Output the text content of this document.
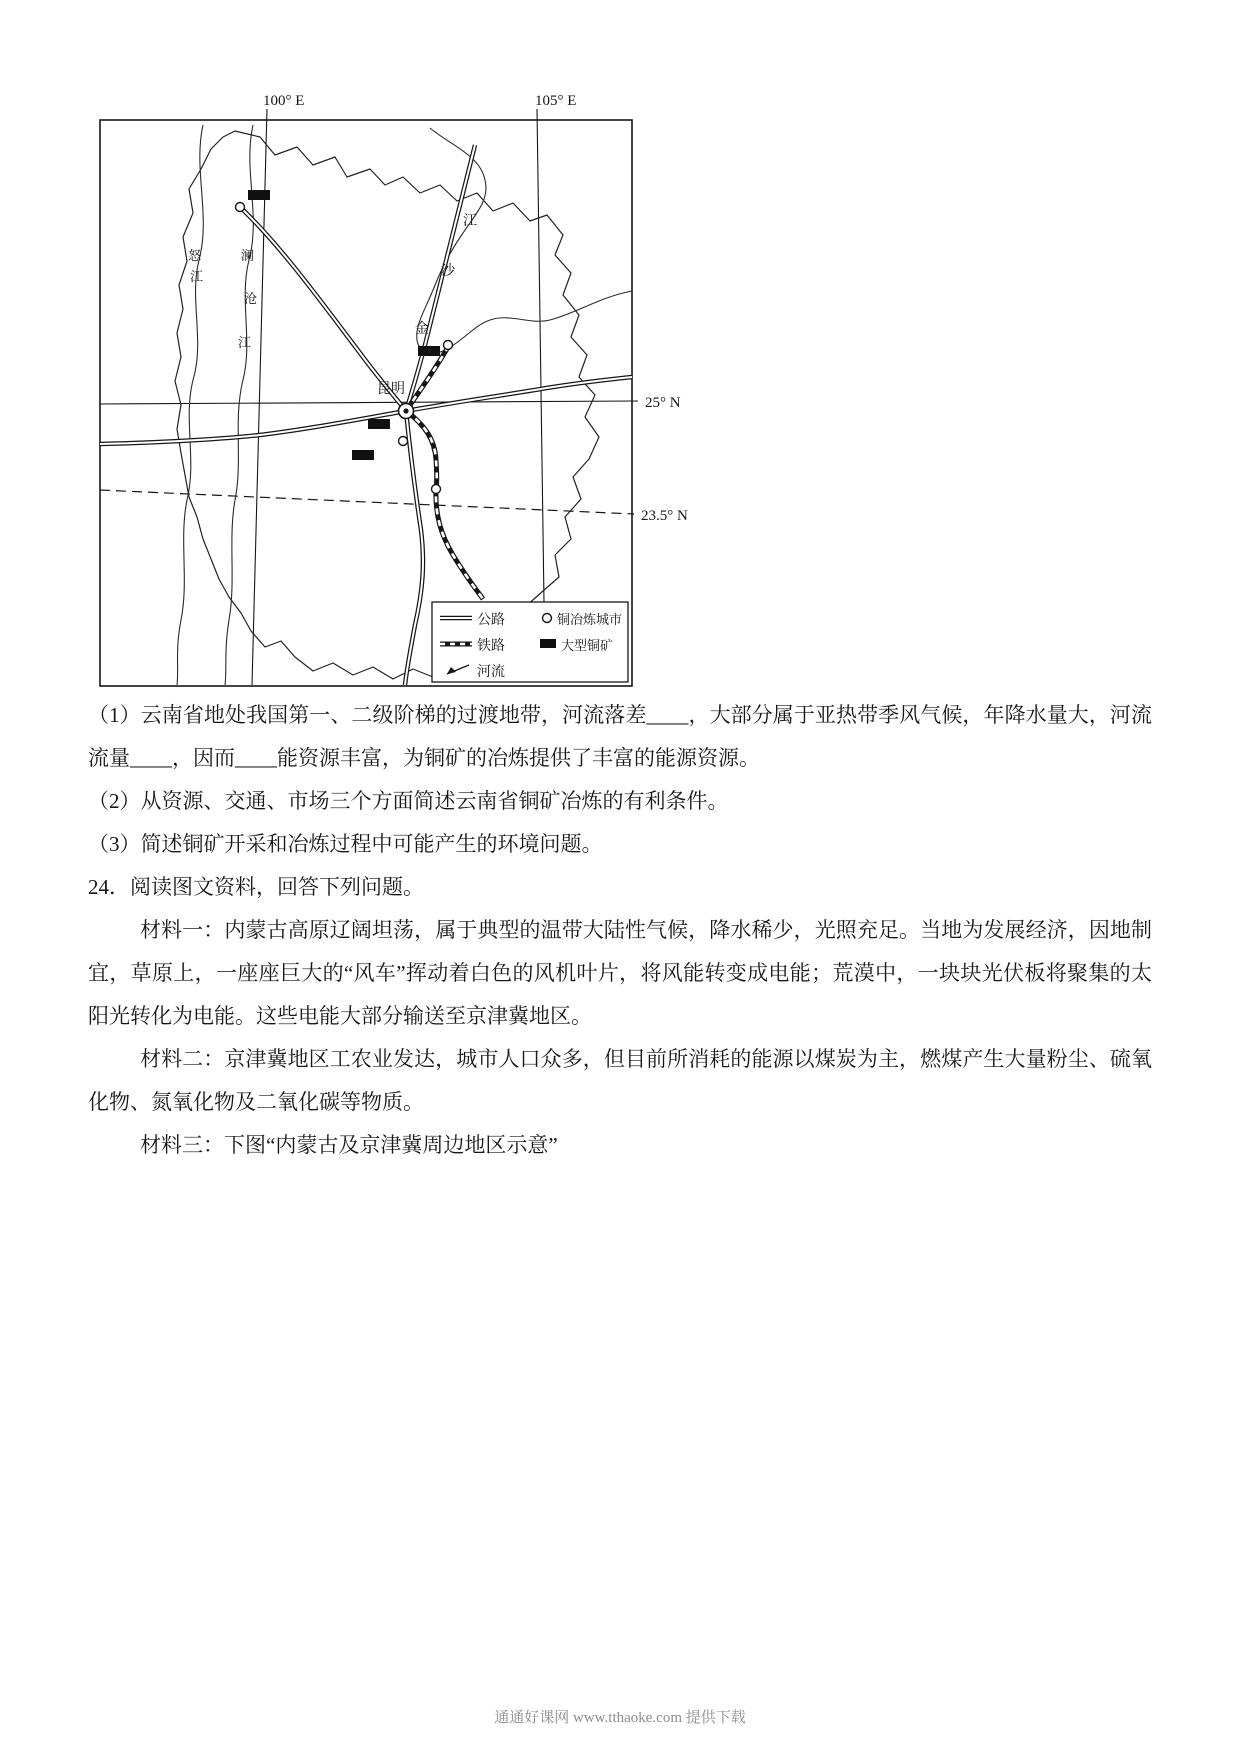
100° E	105° E
25° N
23.5° N
昆明
怒
江
澜
沧
江
江
沙
金
公路	铜冶炼城市
铁路	大型铜矿
河流

（1）云南省地处我国第一、二级阶梯的过渡地带，河流落差____，大部分属于亚热带季风气候，年降水量大，河流流量____，因而____能资源丰富，为铜矿的冶炼提供了丰富的能源资源。

（2）从资源、交通、市场三个方面简述云南省铜矿冶炼的有利条件。

（3）简述铜矿开采和冶炼过程中可能产生的环境问题。

24．阅读图文资料，回答下列问题。

材料一：内蒙古高原辽阔坦荡，属于典型的温带大陆性气候，降水稀少，光照充足。当地为发展经济，因地制宜，草原上，一座座巨大的“风车”挥动着白色的风机叶片，将风能转变成电能；荒漠中，一块块光伏板将聚集的太阳光转化为电能。这些电能大部分输送至京津冀地区。

材料二：京津冀地区工农业发达，城市人口众多，但目前所消耗的能源以煤炭为主，燃煤产生大量粉尘、硫氧化物、氮氧化物及二氧化碳等物质。

材料三：下图“内蒙古及京津冀周边地区示意”

通通好课网 www.tthaoke.com 提供下载
